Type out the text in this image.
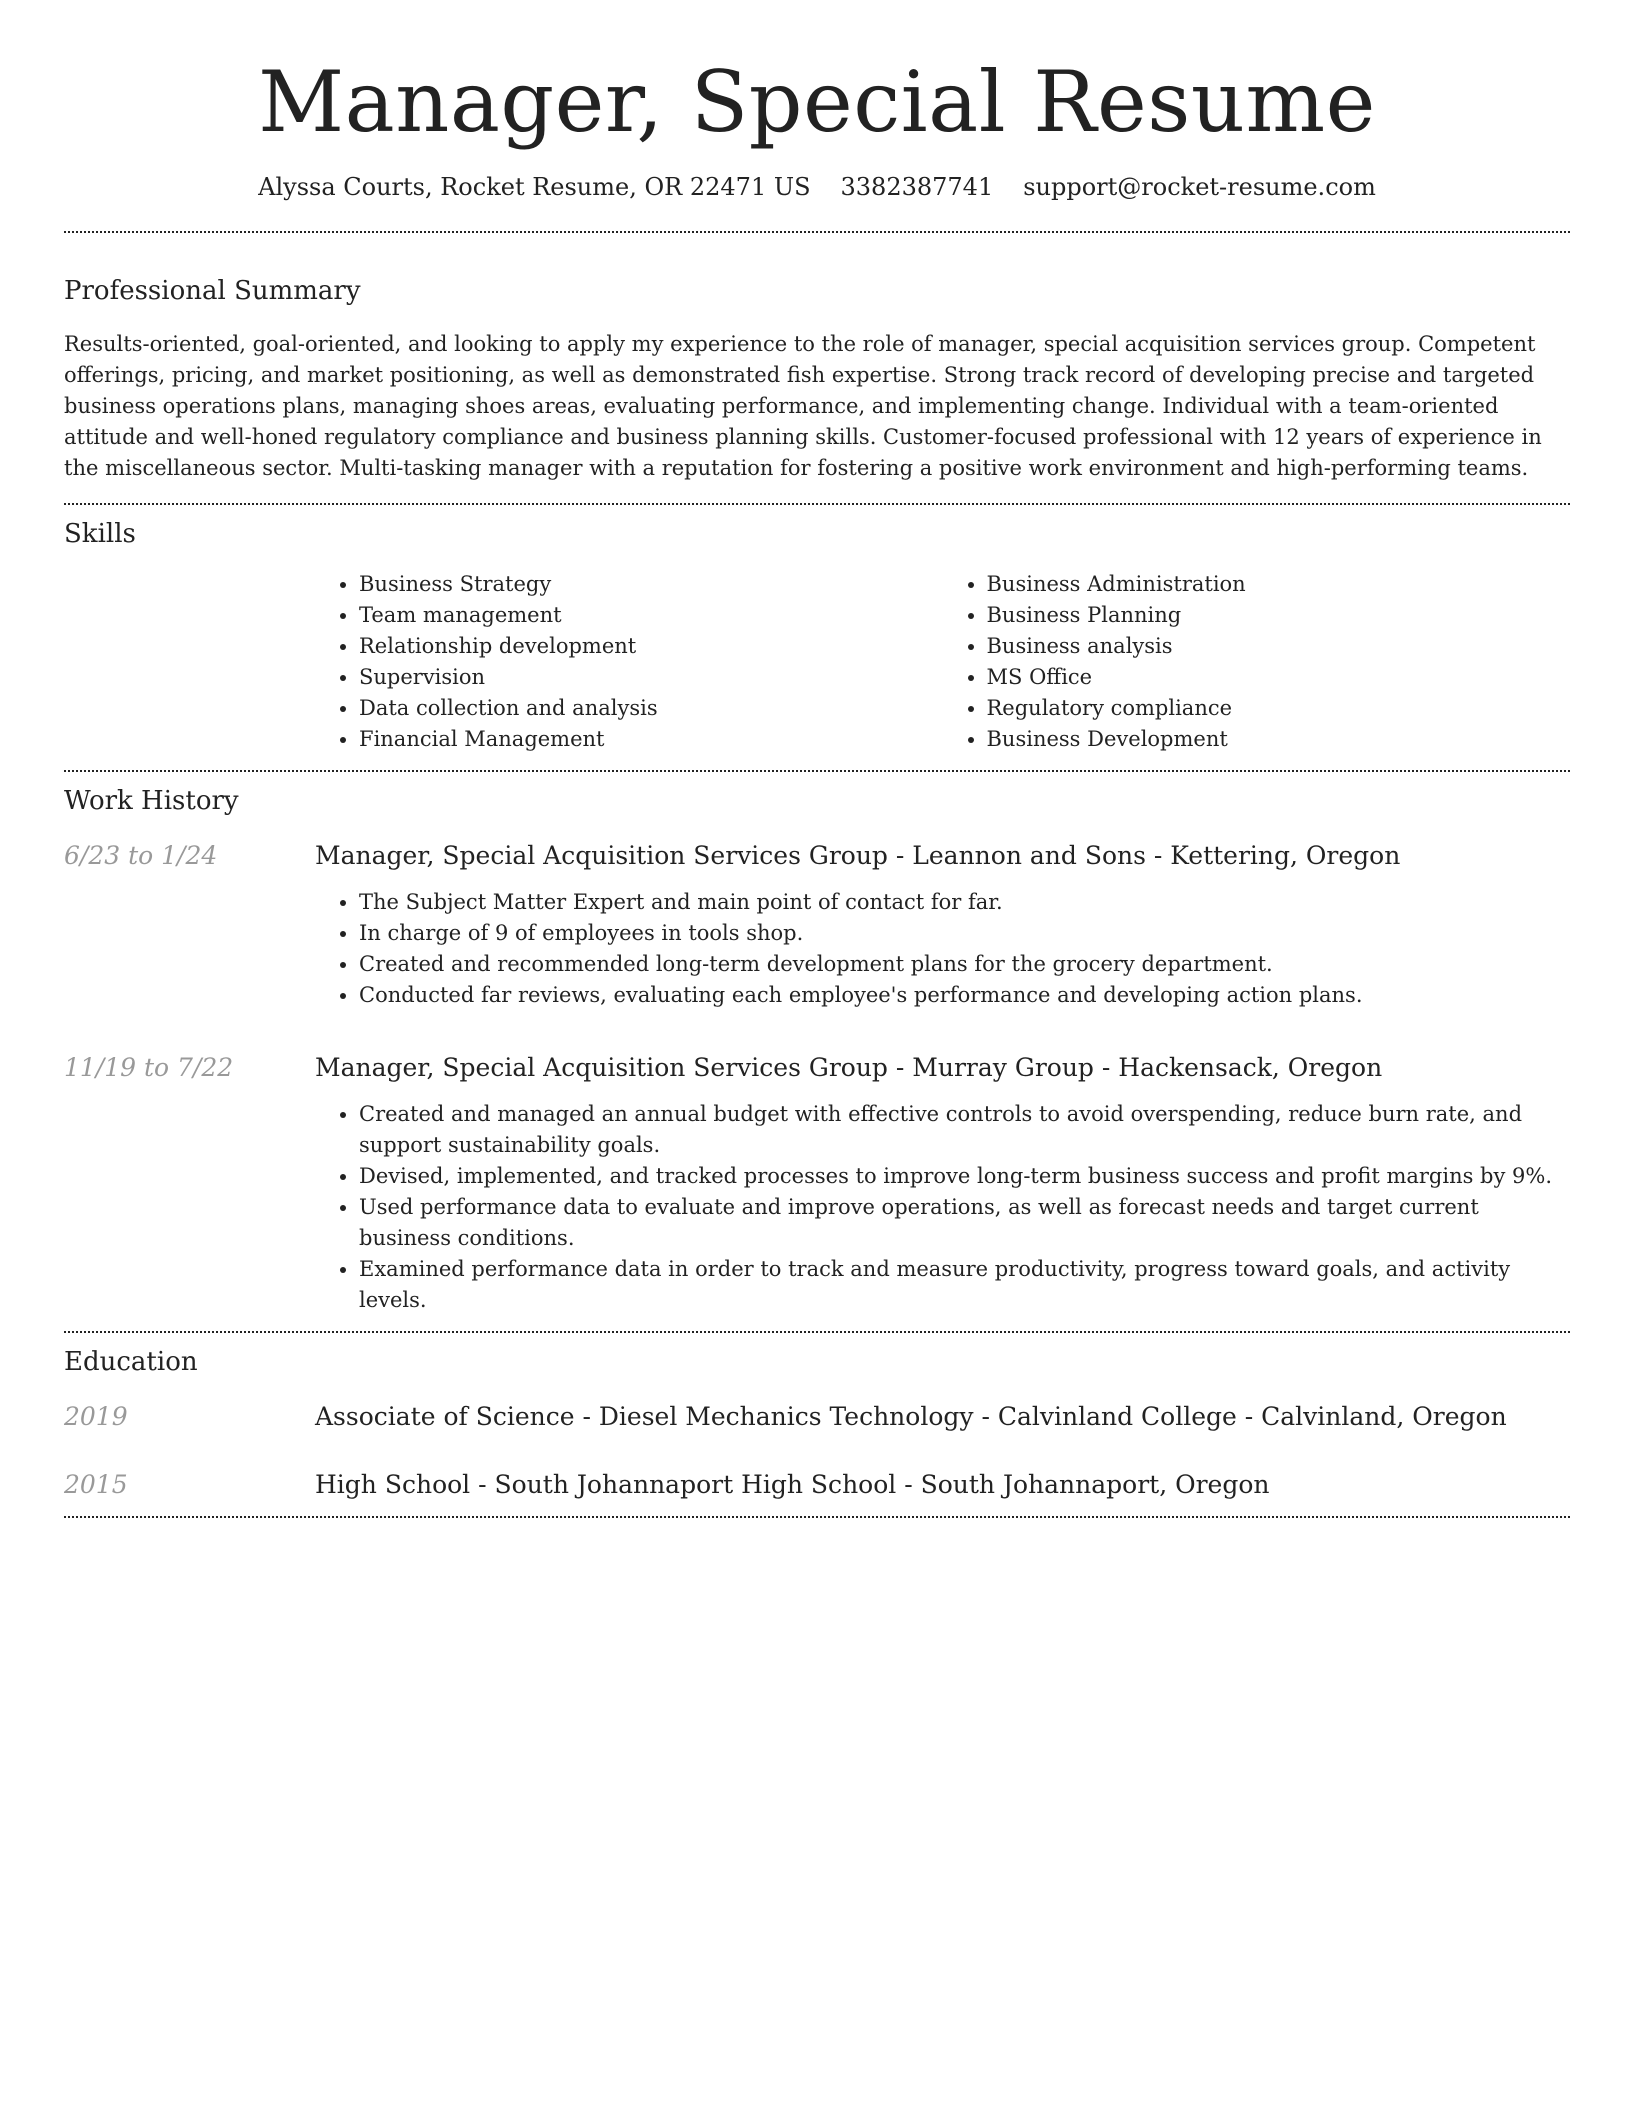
Manager, Special Resume
Alyssa Courts, Rocket Resume, OR 22471 US 3382387741 support@rocket-resume.com
Professional Summary

Results-oriented, goal-oriented, and looking to apply my experience to the role of manager, special acquisition services group. Competent offerings, pricing, and market positioning, as well as demonstrated fish expertise. Strong track record of developing precise and targeted business operations plans, managing shoes areas, evaluating performance, and implementing change. Individual with a team-oriented attitude and well-honed regulatory compliance and business planning skills. Customer-focused professional with 12 years of experience in the miscellaneous sector. Multi-tasking manager with a reputation for fostering a positive work environment and high-performing teams.

Skills
• Business Strategy
• Team management
• Relationship development
• Supervision
• Data collection and analysis
• Financial Management
• Business Administration
• Business Planning
• Business analysis
• MS Office
• Regulatory compliance
• Business Development
Work History
6/23 to 1/24	Manager, Special Acquisition Services Group - Leannon and Sons - Kettering, Oregon
• The Subject Matter Expert and main point of contact for far.
• In charge of 9 of employees in tools shop.
• Created and recommended long-term development plans for the grocery department.
• Conducted far reviews, evaluating each employee's performance and developing action plans.
11/19 to 7/22	Manager, Special Acquisition Services Group - Murray Group - Hackensack, Oregon
• Created and managed an annual budget with effective controls to avoid overspending, reduce burn rate, and support sustainability goals.
• Devised, implemented, and tracked processes to improve long-term business success and profit margins by 9%.
• Used performance data to evaluate and improve operations, as well as forecast needs and target current business conditions.
• Examined performance data in order to track and measure productivity, progress toward goals, and activity levels.
Education
2019	Associate of Science - Diesel Mechanics Technology - Calvinland College - Calvinland, Oregon
2015	High School - South Johannaport High School - South Johannaport, Oregon
